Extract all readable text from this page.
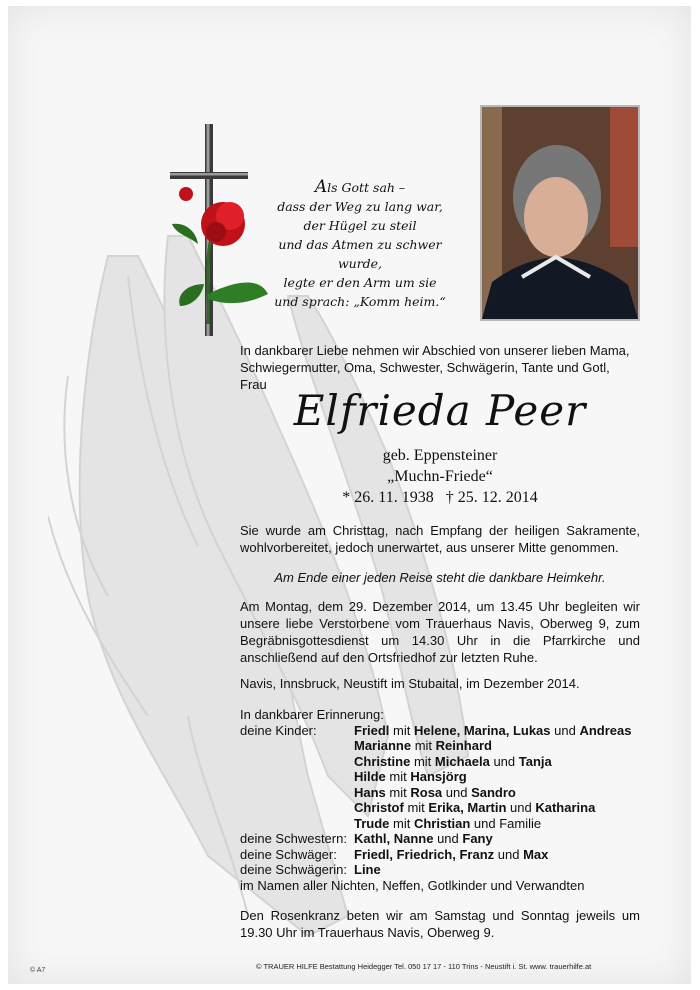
Als Gott sah –
dass der Weg zu lang war,
der Hügel zu steil
und das Atmen zu schwer wurde,
legte er den Arm um sie
und sprach: „Komm heim.“
In dankbarer Liebe nehmen wir Abschied von unserer lieben Mama, Schwiegermutter, Oma, Schwester, Schwägerin, Tante und Gotl, Frau
Elfrieda Peer
geb. Eppensteiner
„Muchn-Friede“
* 26. 11. 1938   † 25. 12. 2014
Sie wurde am Christtag, nach Empfang der heiligen Sakramente, wohlvorbereitet, jedoch unerwartet, aus unserer Mitte genommen.
Am Ende einer jeden Reise steht die dankbare Heimkehr.
Am Montag, dem 29. Dezember 2014, um 13.45 Uhr begleiten wir unsere liebe Verstorbene vom Trauerhaus Navis, Oberweg 9, zum Begräbnisgottesdienst um 14.30 Uhr in die Pfarrkirche und anschließend auf den Ortsfriedhof zur letzten Ruhe.
Navis, Innsbruck, Neustift im Stubaital, im Dezember 2014.
In dankbarer Erinnerung:
deine Kinder:	Friedl mit Helene, Marina, Lukas und Andreas
Marianne mit Reinhard
Christine mit Michaela und Tanja
Hilde mit Hansjörg
Hans mit Rosa und Sandro
Christof mit Erika, Martin und Katharina
Trude mit Christian und Familie
deine Schwestern: Kathl, Nanne und Fany
deine Schwäger:	Friedl, Friedrich, Franz und Max
deine Schwägerin: Line
im Namen aller Nichten, Neffen, Gotlkinder und Verwandten
Den Rosenkranz beten wir am Samstag und Sonntag jeweils um 19.30 Uhr im Trauerhaus Navis, Oberweg 9.
© TRAUER HILFE Bestattung Heidegger Tel. 050 17 17 - 110 Trins - Neustift i. St. www. trauerhilfe.at
© A7
